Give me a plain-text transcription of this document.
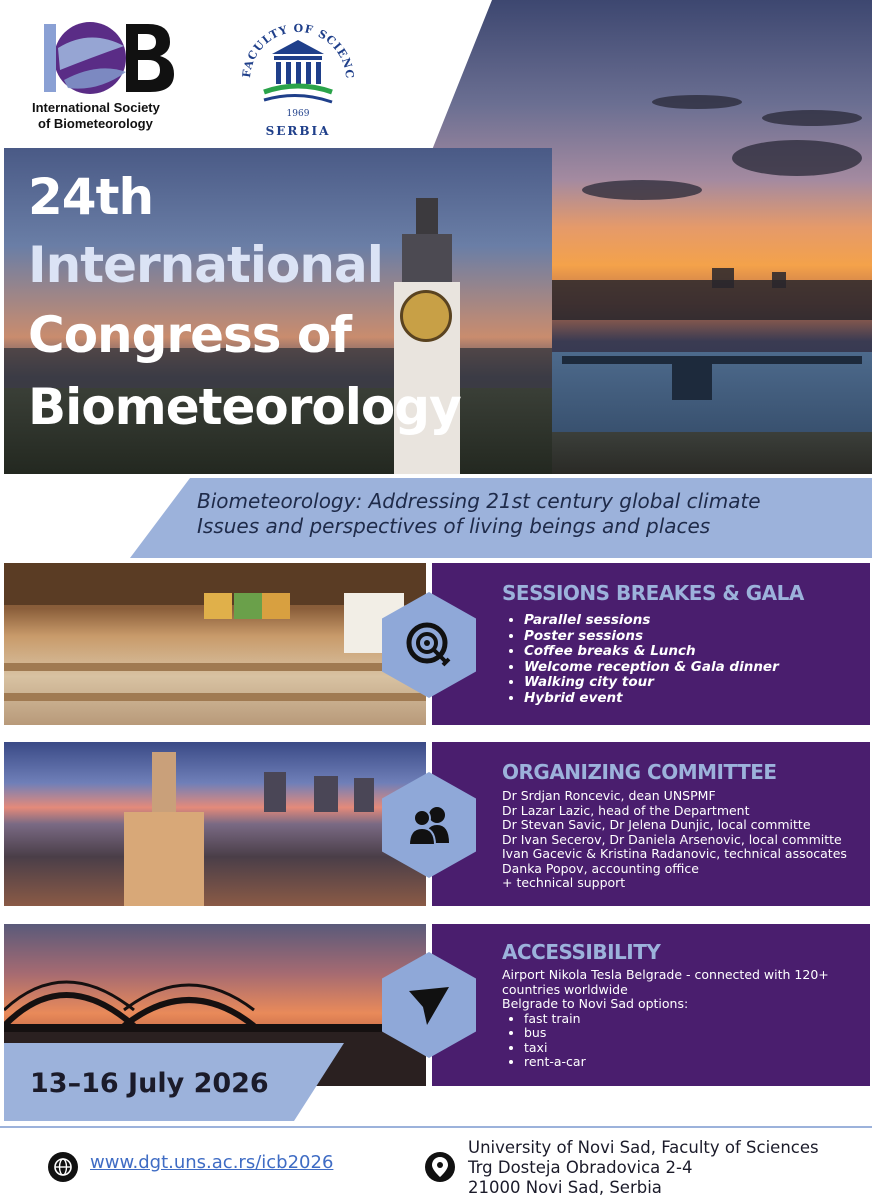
International Society
of Biometeorology
FACULTY OF SCIENC
1969
SERBIA
24th
International
Congress of
Biometeorology
Biometeorology: Addressing 21st century global climate
Issues and perspectives of living beings and places
SESSIONS BREAKES & GALA
• Parallel sessions
• Poster sessions
• Coffee breaks & Lunch
• Welcome reception & Gala dinner
• Walking city tour
• Hybrid event
ORGANIZING COMMITTEE
Dr Srdjan Roncevic, dean UNSPMF
Dr Lazar Lazic, head of the Department
Dr Stevan Savic, Dr Jelena Dunjic, local committe
Dr Ivan Secerov, Dr Daniela Arsenovic, local committe
Ivan Gacevic & Kristina Radanovic, technical assocates
Danka Popov, accounting office
+ technical support
ACCESSIBILITY
Airport Nikola Tesla Belgrade - connected with 120+ countries worldwide
Belgrade to Novi Sad options:
• fast train
• bus
• taxi
• rent-a-car
13–16 July 2026
www.dgt.uns.ac.rs/icb2026
University of Novi Sad, Faculty of Sciences
Trg Dosteja Obradovica 2-4
21000 Novi Sad, Serbia
